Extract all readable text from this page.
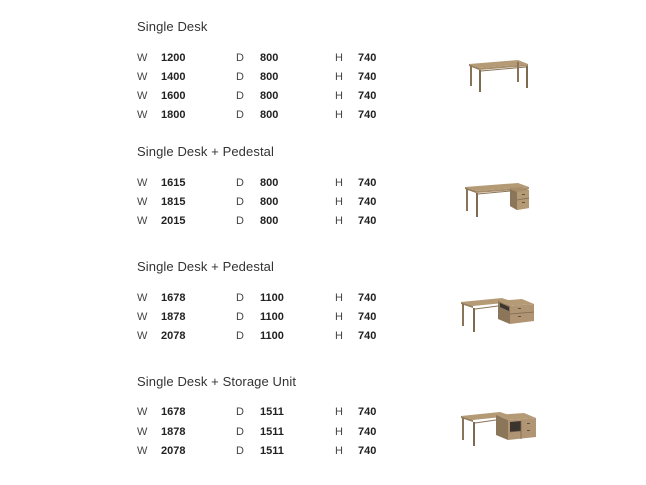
Single Desk
W 1200	D 800	H 740
W 1400	D 800	H 740
W 1600	D 800	H 740
W 1800	D 800	H 740
Single Desk + Pedestal
W 1615	D 800	H 740
W 1815	D 800	H 740
W 2015	D 800	H 740
Single Desk + Pedestal
W 1678	D 1100	H 740
W 1878	D 1100	H 740
W 2078	D 1100	H 740
Single Desk + Storage Unit
W 1678	D 1511	H 740
W 1878	D 1511	H 740
W 2078	D 1511	H 740
